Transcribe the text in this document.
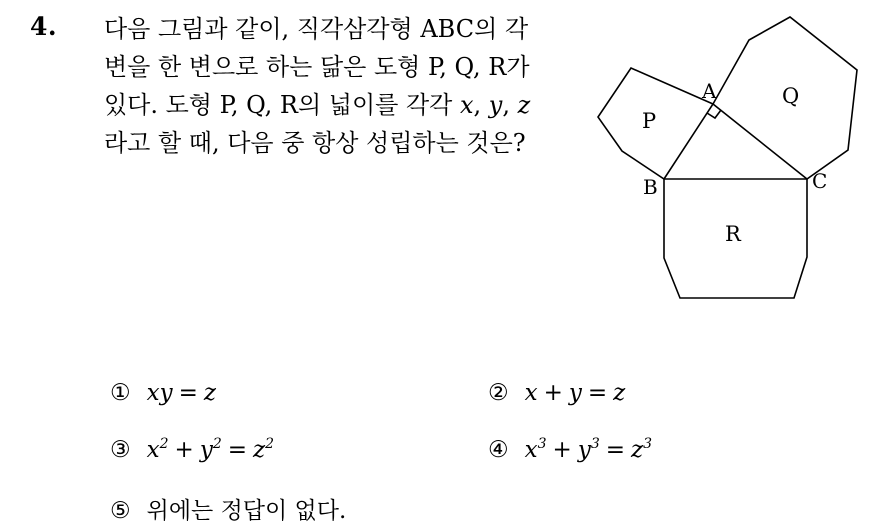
4. 다음 그림과 같이, 직각삼각형 ABC의 각
변을 한 변으로 하는 닮은 도형 P, Q, R가
있다. 도형 P, Q, R의 넓이를 각각 x, y, z
라고 할 때, 다음 중 항상 성립하는 것은?
A
B	C
P
Q
R
① xy = z	② x + y = z
③ $x^2 + y^2 = z^2$	④ $x^3 + y^3 = z^3$
⑤ 위에는 정답이 없다.
